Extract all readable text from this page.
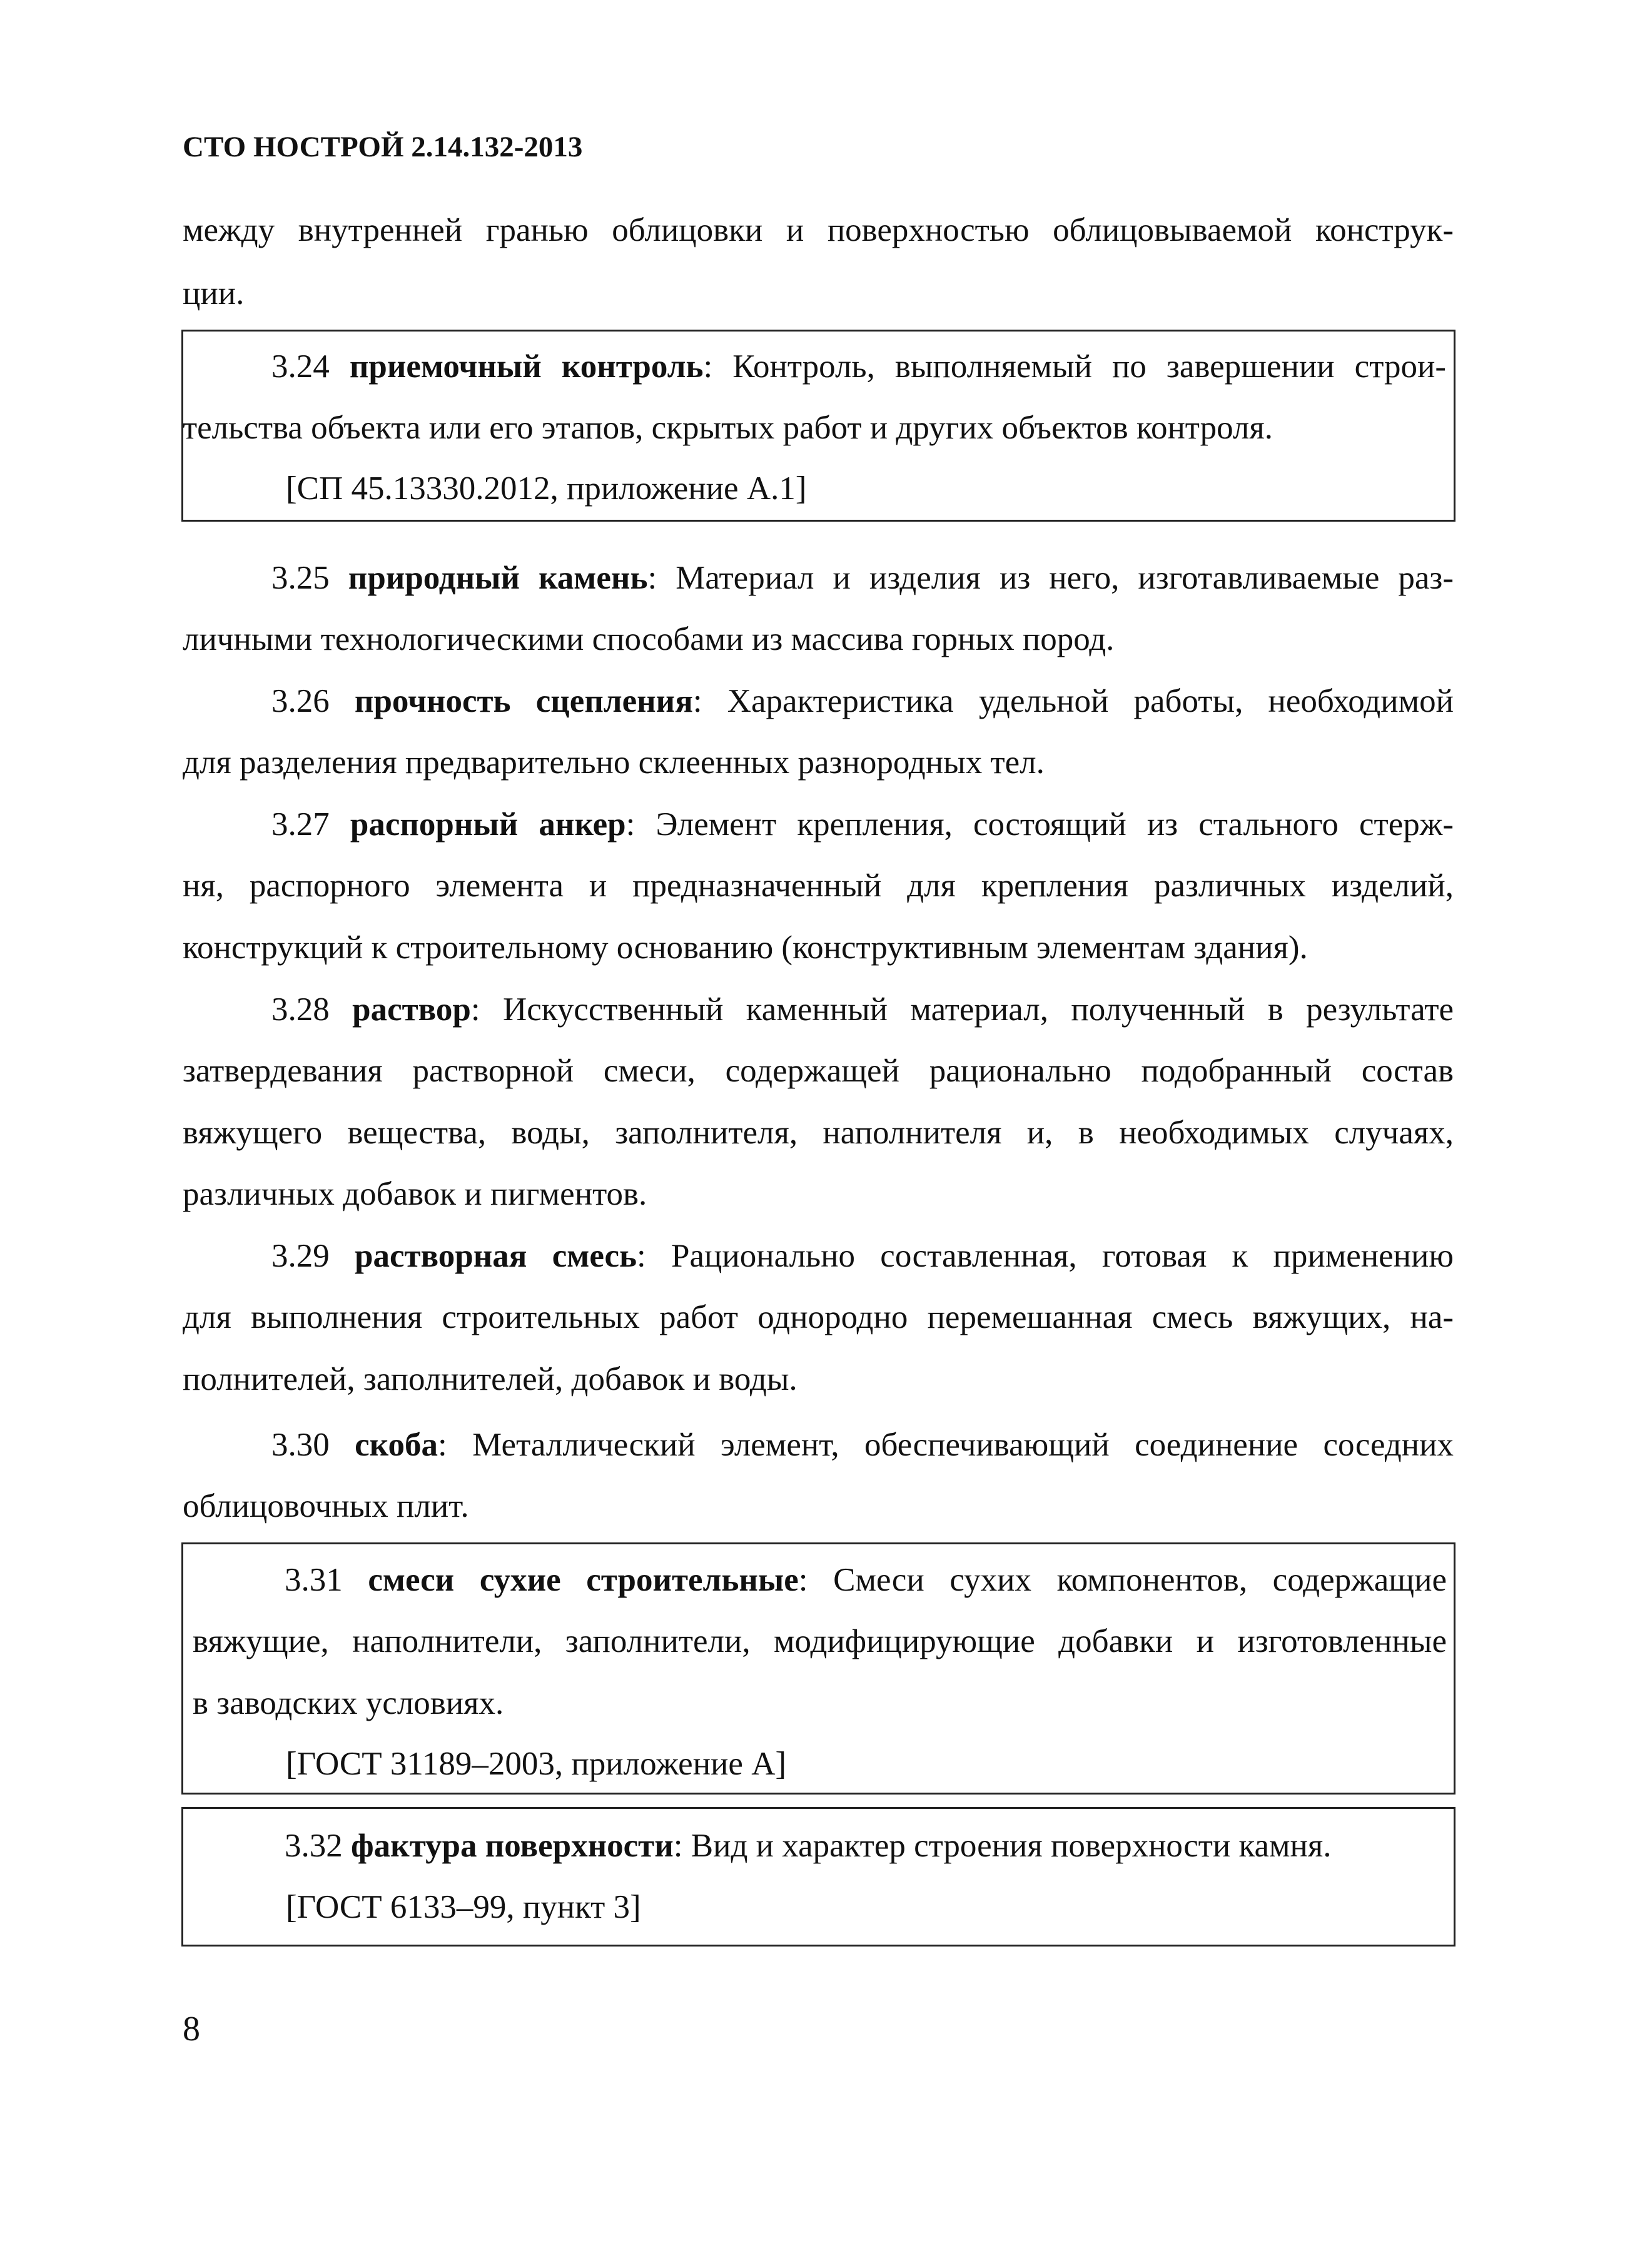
СТО НОСТРОЙ 2.14.132-2013
между внутренней гранью облицовки и поверхностью облицовываемой конструк-
ции.
3.24 приемочный контроль: Контроль, выполняемый по завершении строи-
тельства объекта или его этапов, скрытых работ и других объектов контроля.
[СП 45.13330.2012, приложение А.1]
3.25 природный камень: Материал и изделия из него, изготавливаемые раз-
личными технологическими способами из массива горных пород.
3.26 прочность сцепления: Характеристика удельной работы, необходимой
для разделения предварительно склеенных разнородных тел.
3.27 распорный анкер: Элемент крепления, состоящий из стального стерж-
ня, распорного элемента и предназначенный для крепления различных изделий,
конструкций к строительному основанию (конструктивным элементам здания).
3.28 раствор: Искусственный каменный материал, полученный в результате
затвердевания растворной смеси, содержащей рационально подобранный состав
вяжущего вещества, воды, заполнителя, наполнителя и, в необходимых случаях,
различных добавок и пигментов.
3.29 растворная смесь: Рационально составленная, готовая к применению
для выполнения строительных работ однородно перемешанная смесь вяжущих, на-
полнителей, заполнителей, добавок и воды.
3.30 скоба: Металлический элемент, обеспечивающий соединение соседних
облицовочных плит.
3.31 смеси сухие строительные: Смеси сухих компонентов, содержащие
вяжущие, наполнители, заполнители, модифицирующие добавки и изготовленные
в заводских условиях.
[ГОСТ 31189–2003, приложение А]
3.32 фактура поверхности: Вид и характер строения поверхности камня.
[ГОСТ 6133–99, пункт 3]
8
